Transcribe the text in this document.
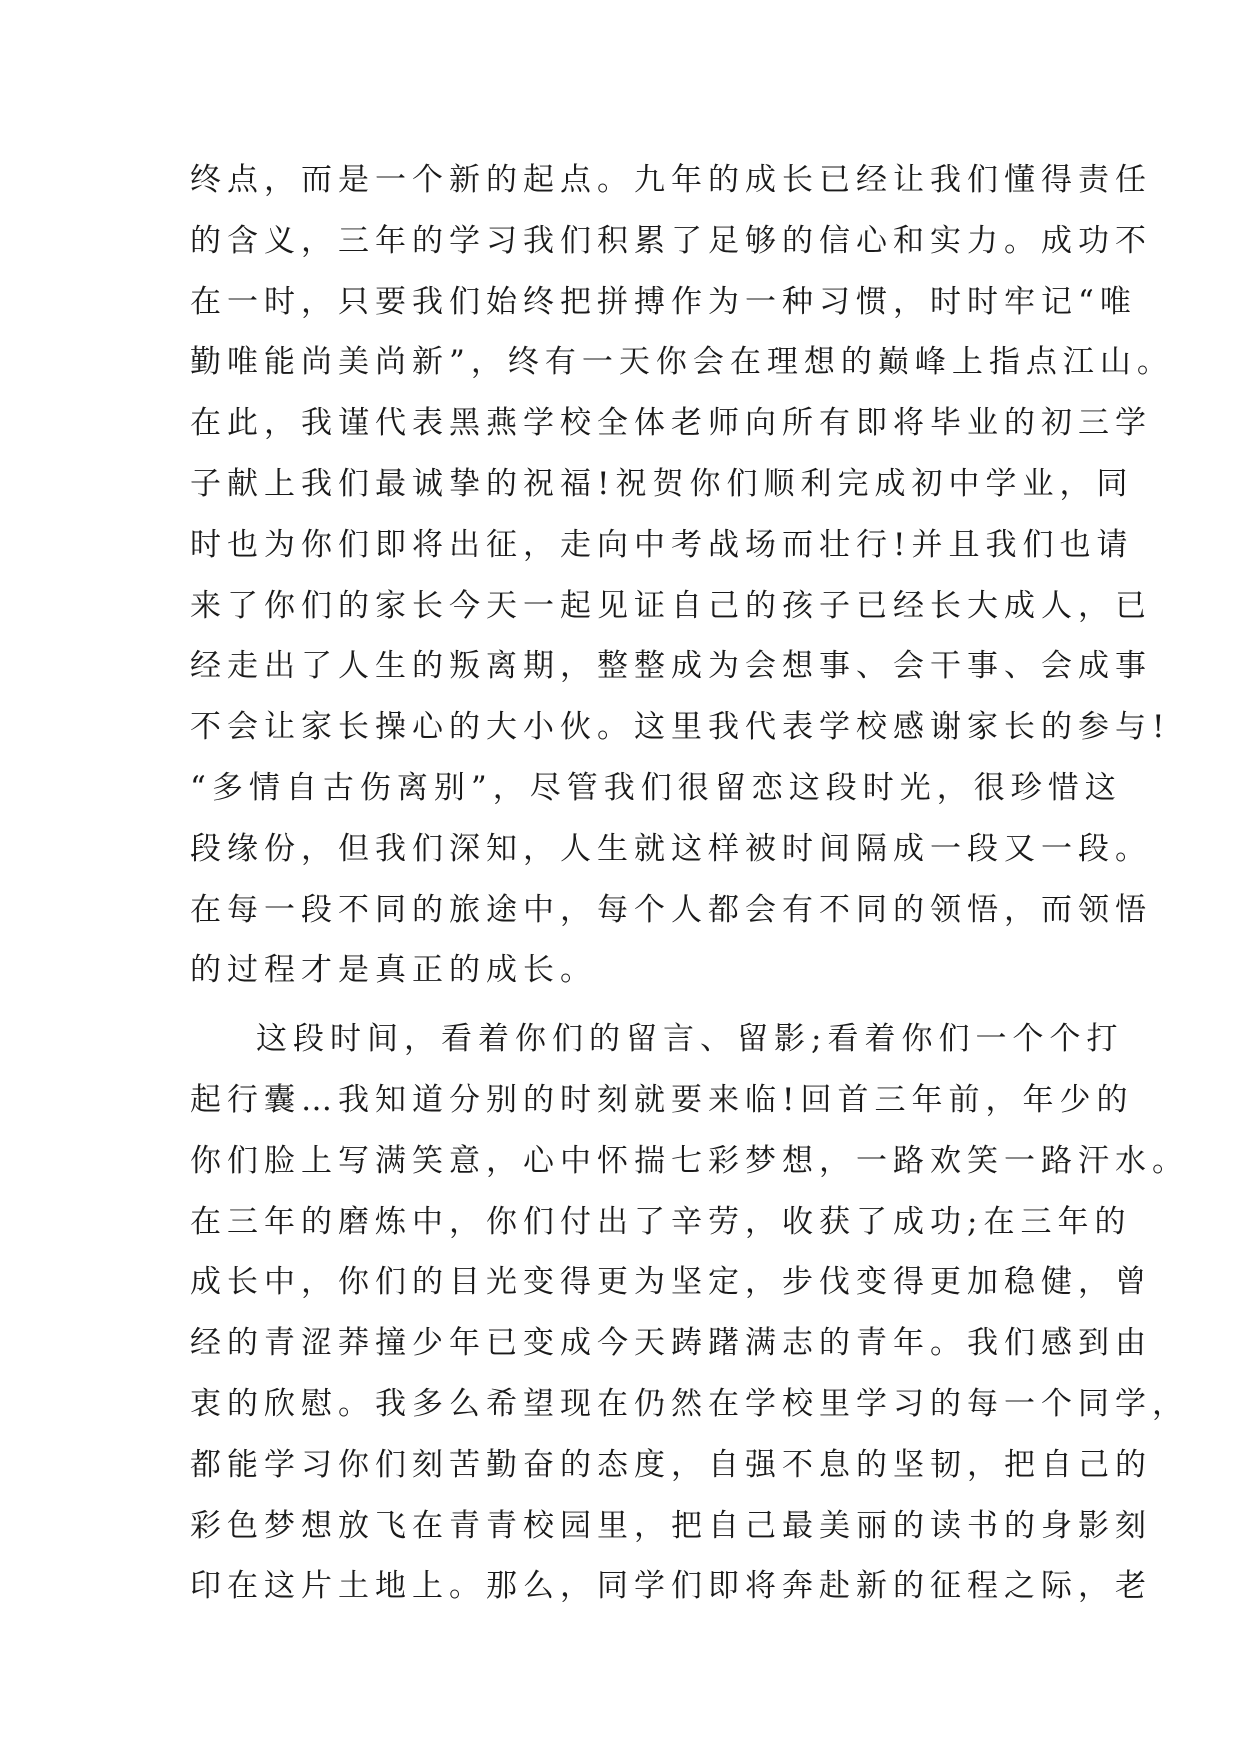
终点，而是一个新的起点。九年的成长已经让我们懂得责任
的含义，三年的学习我们积累了足够的信心和实力。成功不
在一时，只要我们始终把拼搏作为一种习惯，时时牢记“唯
勤唯能尚美尚新”，终有一天你会在理想的巅峰上指点江山。
在此，我谨代表黑燕学校全体老师向所有即将毕业的初三学
子献上我们最诚挚的祝福!祝贺你们顺利完成初中学业，同
时也为你们即将出征，走向中考战场而壮行!并且我们也请
来了你们的家长今天一起见证自己的孩子已经长大成人，已
经走出了人生的叛离期，整整成为会想事、会干事、会成事
不会让家长操心的大小伙。这里我代表学校感谢家长的参与!
“多情自古伤离别”，尽管我们很留恋这段时光，很珍惜这
段缘份，但我们深知，人生就这样被时间隔成一段又一段。
在每一段不同的旅途中，每个人都会有不同的领悟，而领悟
的过程才是真正的成长。
这段时间，看着你们的留言、留影;看着你们一个个打
起行囊…我知道分别的时刻就要来临!回首三年前，年少的
你们脸上写满笑意，心中怀揣七彩梦想，一路欢笑一路汗水。
在三年的磨炼中，你们付出了辛劳，收获了成功;在三年的
成长中，你们的目光变得更为坚定，步伐变得更加稳健，曾
经的青涩莽撞少年已变成今天踌躇满志的青年。我们感到由
衷的欣慰。我多么希望现在仍然在学校里学习的每一个同学，
都能学习你们刻苦勤奋的态度，自强不息的坚韧，把自己的
彩色梦想放飞在青青校园里，把自己最美丽的读书的身影刻
印在这片土地上。那么，同学们即将奔赴新的征程之际，老
